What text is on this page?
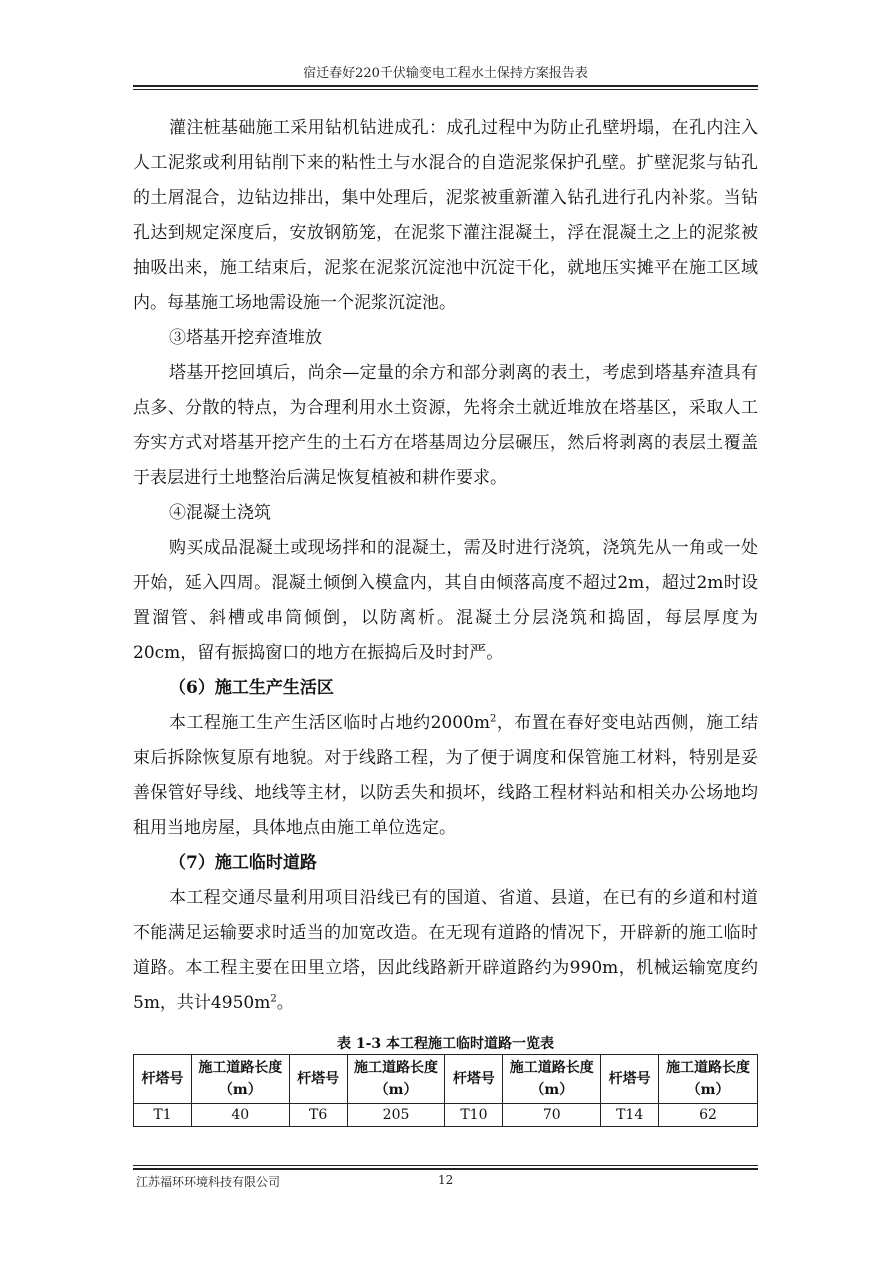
宿迁春好220千伏输变电工程水土保持方案报告表

灌注桩基础施工采用钻机钻进成孔：成孔过程中为防止孔壁坍塌，在孔内注入人工泥浆或利用钻削下来的粘性土与水混合的自造泥浆保护孔壁。扩壁泥浆与钻孔的土屑混合，边钻边排出，集中处理后，泥浆被重新灌入钻孔进行孔内补浆。当钻孔达到规定深度后，安放钢筋笼，在泥浆下灌注混凝土，浮在混凝土之上的泥浆被抽吸出来，施工结束后，泥浆在泥浆沉淀池中沉淀干化，就地压实摊平在施工区域内。每基施工场地需设施一个泥浆沉淀池。

③塔基开挖弃渣堆放

塔基开挖回填后，尚余—定量的余方和部分剥离的表土，考虑到塔基弃渣具有点多、分散的特点，为合理利用水土资源，先将余土就近堆放在塔基区，采取人工夯实方式对塔基开挖产生的土石方在塔基周边分层碾压，然后将剥离的表层土覆盖于表层进行土地整治后满足恢复植被和耕作要求。

④混凝土浇筑

购买成品混凝土或现场拌和的混凝土，需及时进行浇筑，浇筑先从一角或一处开始，延入四周。混凝土倾倒入模盒内，其自由倾落高度不超过2m，超过2m时设置溜管、斜槽或串筒倾倒，以防离析。混凝土分层浇筑和捣固，每层厚度为20cm，留有振捣窗口的地方在振捣后及时封严。

（6）施工生产生活区

本工程施工生产生活区临时占地约$2000m^2$，布置在春好变电站西侧，施工结束后拆除恢复原有地貌。对于线路工程，为了便于调度和保管施工材料，特别是妥善保管好导线、地线等主材，以防丢失和损坏，线路工程材料站和相关办公场地均租用当地房屋，具体地点由施工单位选定。

（7）施工临时道路

本工程交通尽量利用项目沿线已有的国道、省道、县道，在已有的乡道和村道不能满足运输要求时适当的加宽改造。在无现有道路的情况下，开辟新的施工临时道路。本工程主要在田里立塔，因此线路新开辟道路约为990m，机械运输宽度约5m，共计$4950m^2$。

表 1-3 本工程施工临时道路一览表
杆塔号	施工道路长度（m）	杆塔号	施工道路长度（m）	杆塔号	施工道路长度（m）	杆塔号	施工道路长度（m）
T1	40	T6	205	T10	70	T14	62
江苏福环环境科技有限公司	12
